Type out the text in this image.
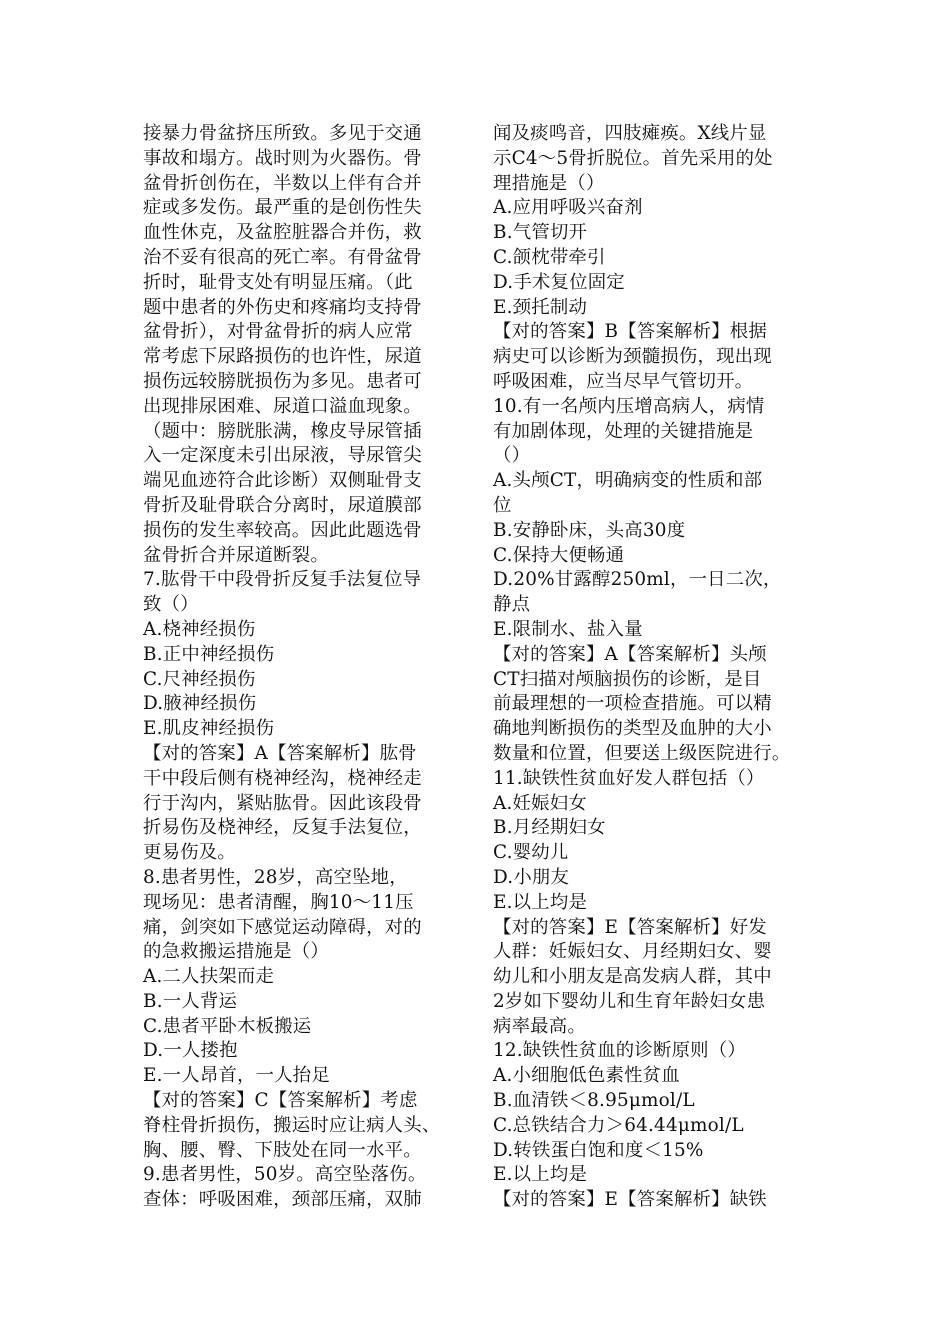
接暴力骨盆挤压所致。多见于交通
事故和塌方。战时则为火器伤。骨
盆骨折创伤在，半数以上伴有合并
症或多发伤。最严重的是创伤性失
血性休克，及盆腔脏器合并伤，救
治不妥有很高的死亡率。有骨盆骨
折时，耻骨支处有明显压痛。（此
题中患者的外伤史和疼痛均支持骨
盆骨折），对骨盆骨折的病人应常
常考虑下尿路损伤的也许性，尿道
损伤远较膀胱损伤为多见。患者可
出现排尿困难、尿道口溢血现象。
（题中：膀胱胀满，橡皮导尿管插
入一定深度未引出尿液，导尿管尖
端见血迹符合此诊断）双侧耻骨支
骨折及耻骨联合分离时，尿道膜部
损伤的发生率较高。因此此题选骨
盆骨折合并尿道断裂。
7.肱骨干中段骨折反复手法复位导
致（）
A.桡神经损伤
B.正中神经损伤
C.尺神经损伤
D.腋神经损伤
E.肌皮神经损伤
【对的答案】A【答案解析】肱骨
干中段后侧有桡神经沟，桡神经走
行于沟内，紧贴肱骨。因此该段骨
折易伤及桡神经，反复手法复位，
更易伤及。
8.患者男性，28岁，高空坠地，
现场见：患者清醒，胸10～11压
痛，剑突如下感觉运动障碍，对的
的急救搬运措施是（）
A.二人扶架而走
B.一人背运
C.患者平卧木板搬运
D.一人搂抱
E.一人昂首，一人抬足
【对的答案】C【答案解析】考虑
脊柱骨折损伤，搬运时应让病人头、
胸、腰、臀、下肢处在同一水平。
9.患者男性，50岁。高空坠落伤。
查体：呼吸困难，颈部压痛，双肺
闻及痰鸣音，四肢瘫痪。X线片显
示C4～5骨折脱位。首先采用的处
理措施是（）
A.应用呼吸兴奋剂
B.气管切开
C.颌枕带牵引
D.手术复位固定
E.颈托制动
【对的答案】B【答案解析】根据
病史可以诊断为颈髓损伤，现出现
呼吸困难，应当尽早气管切开。
10.有一名颅内压增高病人，病情
有加剧体现，处理的关键措施是
（）
A.头颅CT，明确病变的性质和部
位
B.安静卧床，头高30度
C.保持大便畅通
D.20%甘露醇250ml，一日二次，
静点
E.限制水、盐入量
【对的答案】A【答案解析】头颅
CT扫描对颅脑损伤的诊断，是目
前最理想的一项检查措施。可以精
确地判断损伤的类型及血肿的大小
数量和位置，但要送上级医院进行。
11.缺铁性贫血好发人群包括（）
A.妊娠妇女
B.月经期妇女
C.婴幼儿
D.小朋友
E.以上均是
【对的答案】E【答案解析】好发
人群：妊娠妇女、月经期妇女、婴
幼儿和小朋友是高发病人群，其中
2岁如下婴幼儿和生育年龄妇女患
病率最高。
12.缺铁性贫血的诊断原则（）
A.小细胞低色素性贫血
B.血清铁＜8.95μmol/L
C.总铁结合力＞64.44μmol/L
D.转铁蛋白饱和度＜15%
E.以上均是
【对的答案】E【答案解析】缺铁
